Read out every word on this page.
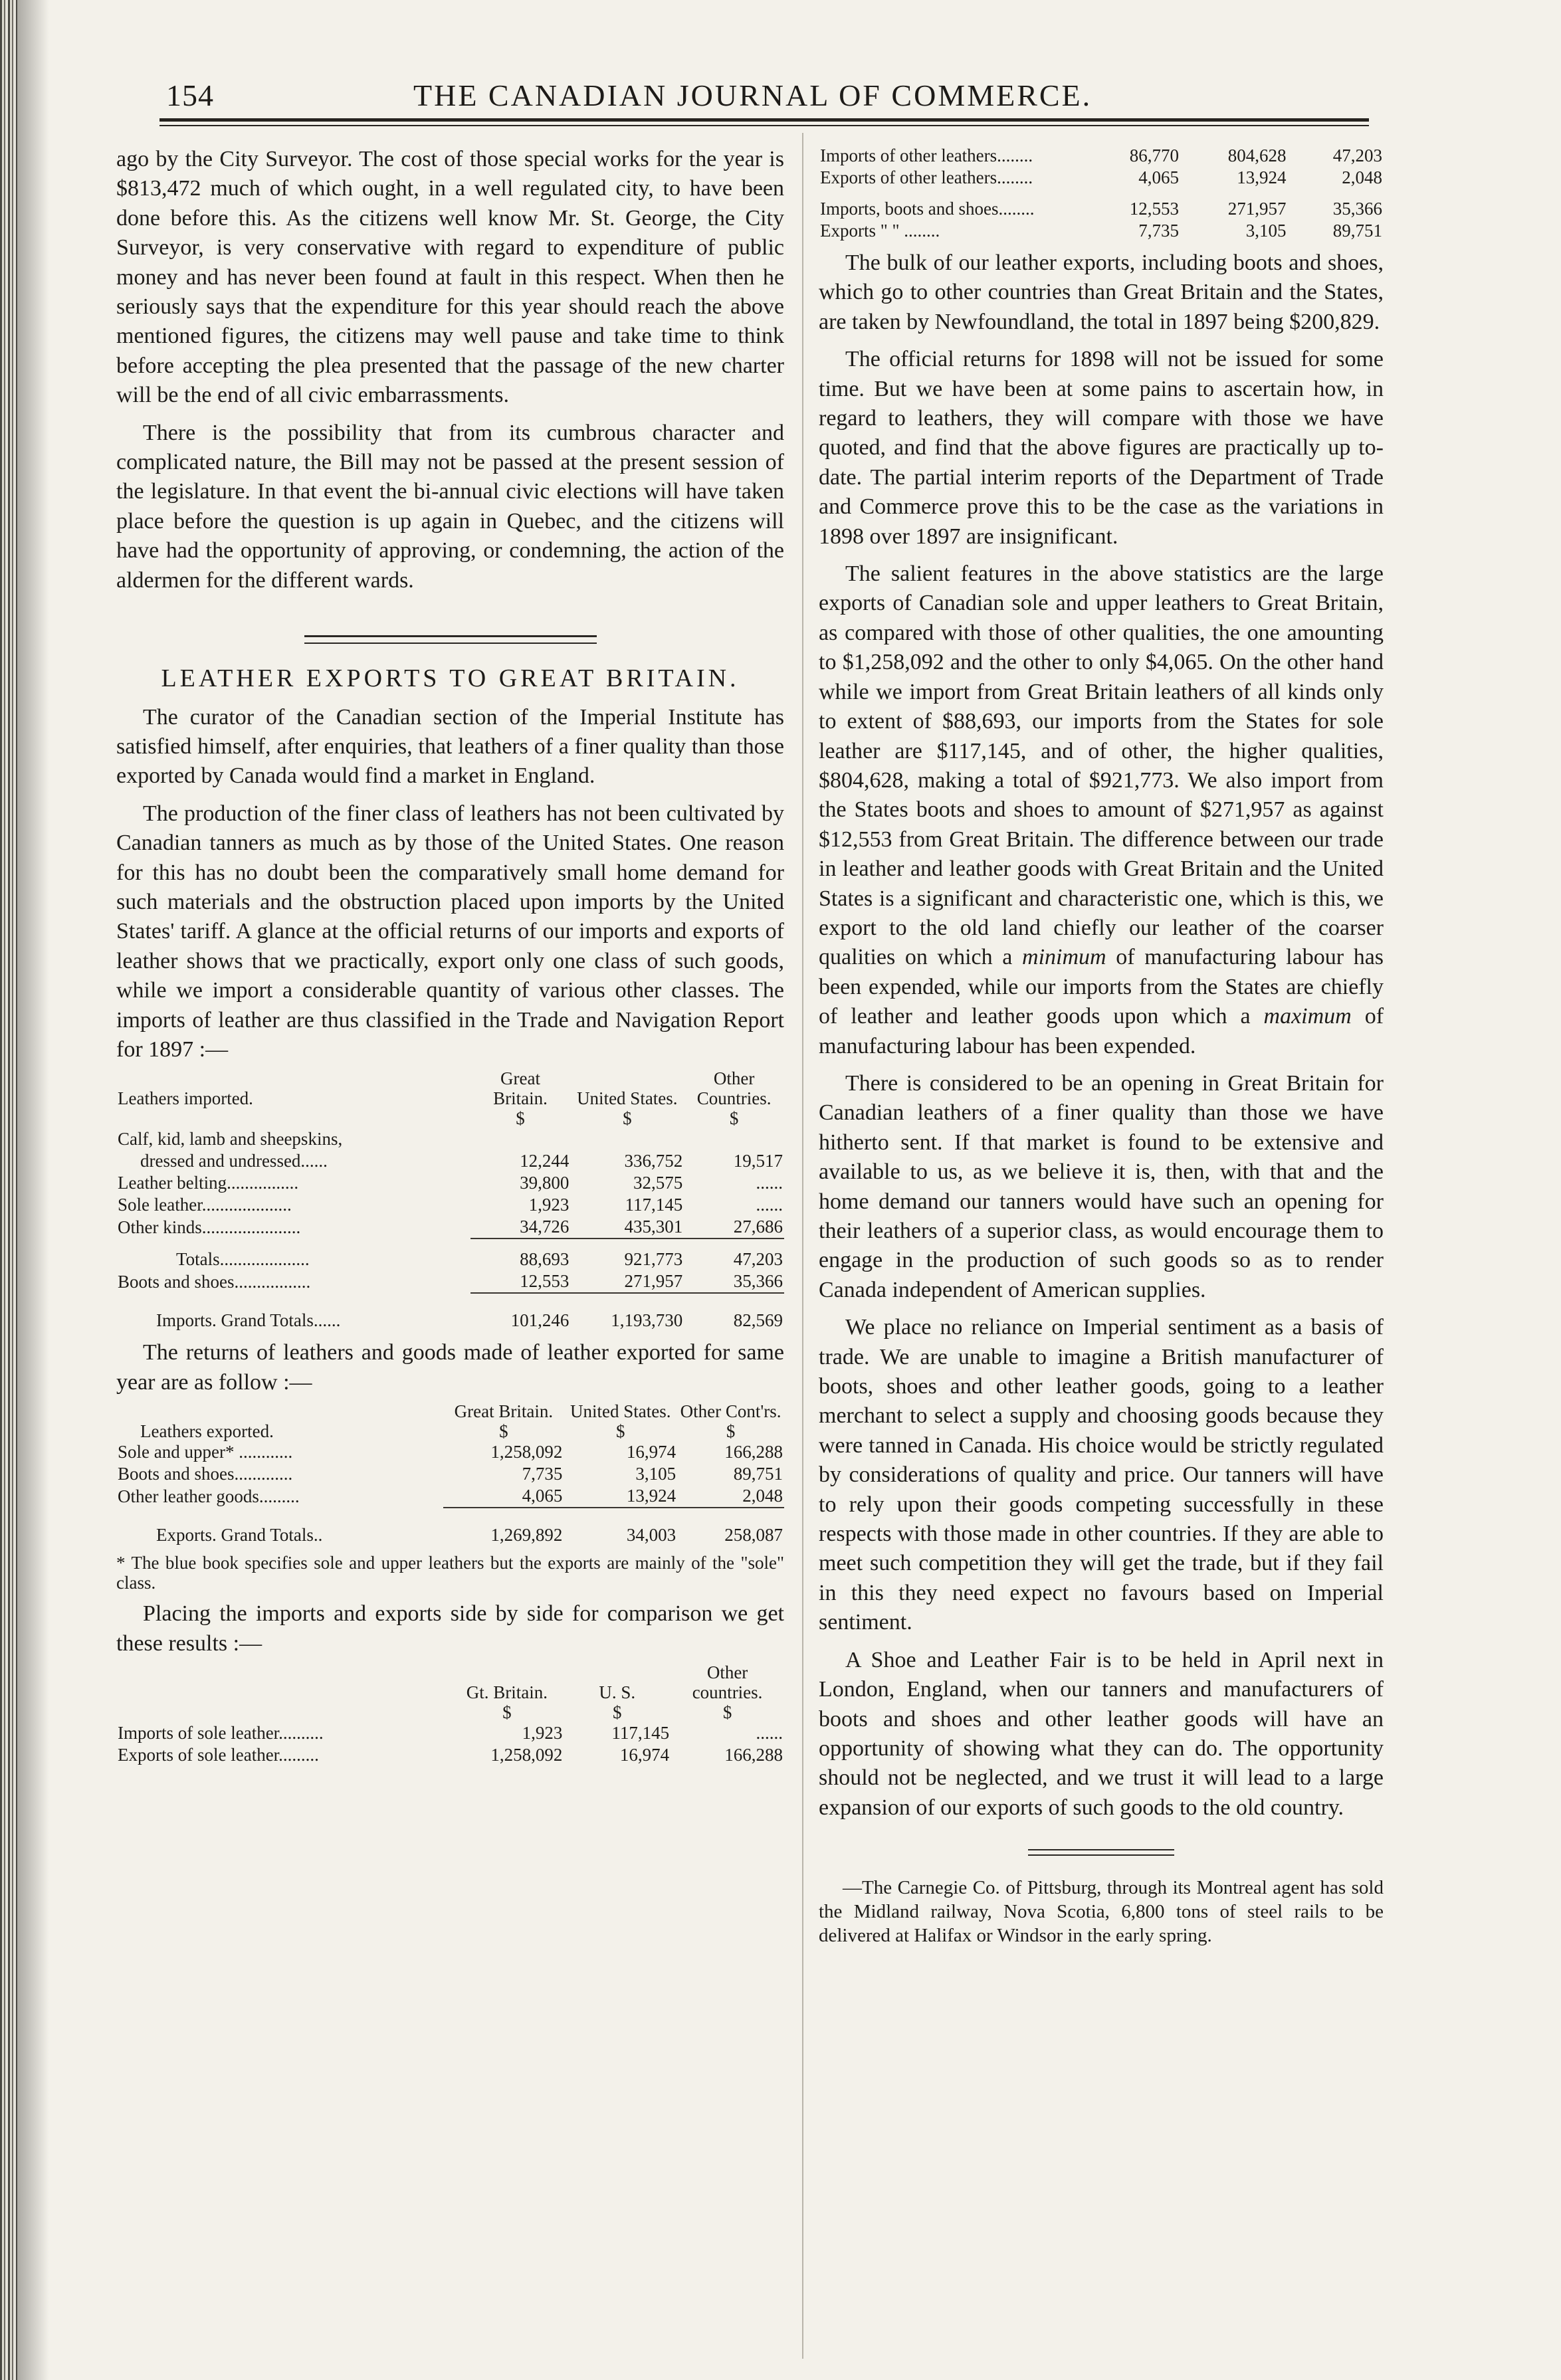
154	THE CANADIAN JOURNAL OF COMMERCE.

ago by the City Surveyor. The cost of those special works for the year is $813,472 much of which ought, in a well regulated city, to have been done before this. As the citizens well know Mr. St. George, the City Surveyor, is very conservative with regard to expenditure of public money and has never been found at fault in this respect. When then he seriously says that the expenditure for this year should reach the above mentioned figures, the citizens may well pause and take time to think before accepting the plea presented that the passage of the new charter will be the end of all civic embarrassments.

There is the possibility that from its cumbrous character and complicated nature, the Bill may not be passed at the present session of the legislature. In that event the bi-annual civic elections will have taken place before the question is up again in Quebec, and the citizens will have had the opportunity of approving, or condemning, the action of the aldermen for the different wards.

LEATHER EXPORTS TO GREAT BRITAIN.

The curator of the Canadian section of the Imperial Institute has satisfied himself, after enquiries, that leathers of a finer quality than those exported by Canada would find a market in England.

The production of the finer class of leathers has not been cultivated by Canadian tanners as much as by those of the United States. One reason for this has no doubt been the comparatively small home demand for such materials and the obstruction placed upon imports by the United States' tariff. A glance at the official returns of our imports and exports of leather shows that we practically, export only one class of such goods, while we import a considerable quantity of various other classes. The imports of leather are thus classified in the Trade and Navigation Report for 1897 :—

Leathers imported.	Great Britain.	United States.	Other Countries.
	$	$	$
Calf, kid, lamb and sheepskins,			
dressed and undressed......	12,244	336,752	19,517
Leather belting................	39,800	32,575	......
Sole leather....................	1,923	117,145	......
Other kinds......................	34,726	435,301	27,686
Totals....................	88,693	921,773	47,203
Boots and shoes.................	12,553	271,957	35,366
Imports. Grand Totals......	101,246	1,193,730	82,569

The returns of leathers and goods made of leather exported for same year are as follow :—

	Great Britain.	United States.	Other Cont'rs.
Leathers exported.	$	$	$
Sole and upper* ............	1,258,092	16,974	166,288
Boots and shoes.............	7,735	3,105	89,751
Other leather goods.........	4,065	13,924	2,048
Exports. Grand Totals..	1,269,892	34,003	258,087
* The blue book specifies sole and upper leathers but the exports are mainly of the "sole" class.

Placing the imports and exports side by side for comparison we get these results :—

	Gt. Britain.	U. S.	Other countries.
	$	$	$
Imports of sole leather..........	1,923	117,145	......
Exports of sole leather.........	1,258,092	16,974	166,288
Imports of other leathers........	86,770	804,628	47,203
Exports of other leathers........	4,065	13,924	2,048
Imports, boots and shoes........	12,553	271,957	35,366
Exports " " ........	7,735	3,105	89,751

The bulk of our leather exports, including boots and shoes, which go to other countries than Great Britain and the States, are taken by Newfoundland, the total in 1897 being $200,829.

The official returns for 1898 will not be issued for some time. But we have been at some pains to ascertain how, in regard to leathers, they will compare with those we have quoted, and find that the above figures are practically up to-date. The partial interim reports of the Department of Trade and Commerce prove this to be the case as the variations in 1898 over 1897 are insignificant.

The salient features in the above statistics are the large exports of Canadian sole and upper leathers to Great Britain, as compared with those of other qualities, the one amounting to $1,258,092 and the other to only $4,065. On the other hand while we import from Great Britain leathers of all kinds only to extent of $88,693, our imports from the States for sole leather are $117,145, and of other, the higher qualities, $804,628, making a total of $921,773. We also import from the States boots and shoes to amount of $271,957 as against $12,553 from Great Britain. The difference between our trade in leather and leather goods with Great Britain and the United States is a significant and characteristic one, which is this, we export to the old land chiefly our leather of the coarser qualities on which a minimum of manufacturing labour has been expended, while our imports from the States are chiefly of leather and leather goods upon which a maximum of manufacturing labour has been expended.

There is considered to be an opening in Great Britain for Canadian leathers of a finer quality than those we have hitherto sent. If that market is found to be extensive and available to us, as we believe it is, then, with that and the home demand our tanners would have such an opening for their leathers of a superior class, as would encourage them to engage in the production of such goods so as to render Canada independent of American supplies.

We place no reliance on Imperial sentiment as a basis of trade. We are unable to imagine a British manufacturer of boots, shoes and other leather goods, going to a leather merchant to select a supply and choosing goods because they were tanned in Canada. His choice would be strictly regulated by considerations of quality and price. Our tanners will have to rely upon their goods competing successfully in these respects with those made in other countries. If they are able to meet such competition they will get the trade, but if they fail in this they need expect no favours based on Imperial sentiment.

A Shoe and Leather Fair is to be held in April next in London, England, when our tanners and manufacturers of boots and shoes and other leather goods will have an opportunity of showing what they can do. The opportunity should not be neglected, and we trust it will lead to a large expansion of our exports of such goods to the old country.

—The Carnegie Co. of Pittsburg, through its Montreal agent has sold the Midland railway, Nova Scotia, 6,800 tons of steel rails to be delivered at Halifax or Windsor in the early spring.
